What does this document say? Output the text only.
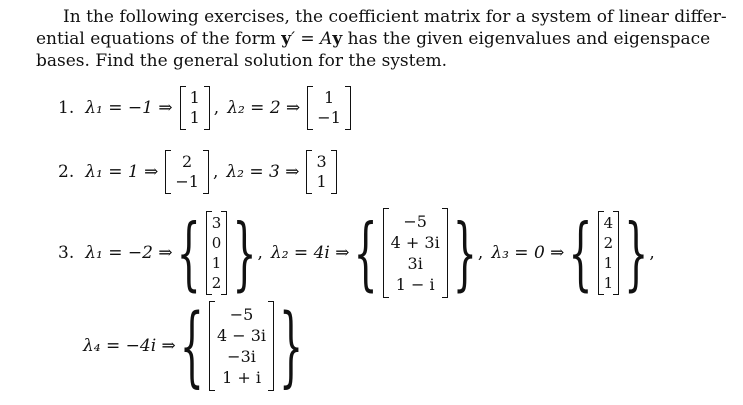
In the following exercises, the coefficient matrix for a system of linear differ-
ential equations of the form y′ = Ay has the given eigenvalues and eigenspace
bases. Find the general solution for the system.
1. λ₁ = −1 ⇒
1
1 , λ₂ = 2 ⇒
1
−1
2. λ₁ = 1 ⇒
2
−1 , λ₂ = 3 ⇒
3
1
3. λ₁ = −2 ⇒ { 3
0
1
2 } , λ₂ = 4i ⇒ { −5
4 + 3i
3i
1 − i } , λ₃ = 0 ⇒ { 4
2
1
1 } ,
λ₄ = −4i ⇒ { −5
4 − 3i
−3i
1 + i }
